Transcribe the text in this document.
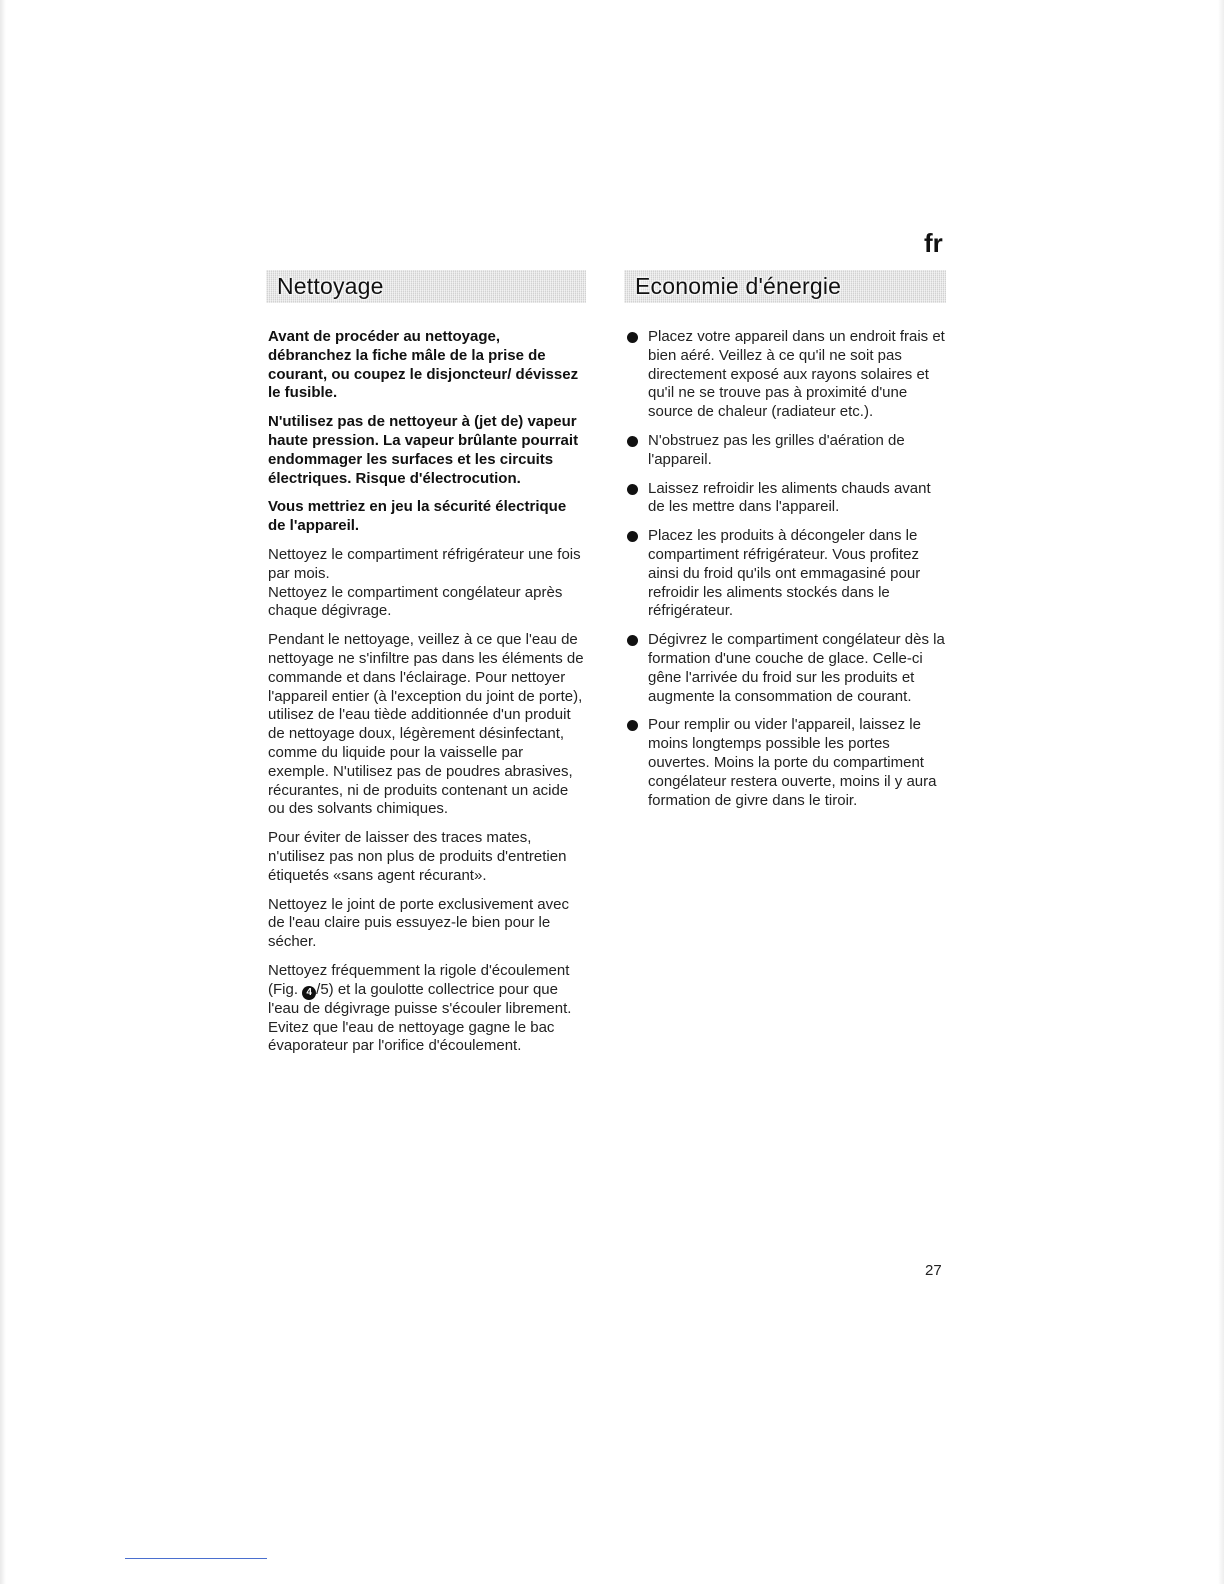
fr
Nettoyage

Avant de procéder au nettoyage, débranchez la fiche mâle de la prise de courant, ou coupez le disjoncteur/ dévissez le fusible.

N'utilisez pas de nettoyeur à (jet de) vapeur haute pression. La vapeur brûlante pourrait endommager les surfaces et les circuits électriques. Risque d'électrocution.

Vous mettriez en jeu la sécurité électrique de l'appareil.

Nettoyez le compartiment réfrigérateur une fois par mois.
Nettoyez le compartiment congélateur après chaque dégivrage.

Pendant le nettoyage, veillez à ce que l'eau de nettoyage ne s'infiltre pas dans les éléments de commande et dans l'éclairage. Pour nettoyer l'appareil entier (à l'exception du joint de porte), utilisez de l'eau tiède additionnée d'un produit de nettoyage doux, légèrement désinfectant, comme du liquide pour la vaisselle par exemple. N'utilisez pas de poudres abrasives, récurantes, ni de produits contenant un acide ou des solvants chimiques.

Pour éviter de laisser des traces mates, n'utilisez pas non plus de produits d'entretien étiquetés «sans agent récurant».

Nettoyez le joint de porte exclusivement avec de l'eau claire puis essuyez-le bien pour le sécher.

Nettoyez fréquemment la rigole d'écoulement (Fig. 4 /5) et la goulotte collectrice pour que l'eau de dégivrage puisse s'écouler librement. Evitez que l'eau de nettoyage gagne le bac évaporateur par l'orifice d'écoulement.

Economie d'énergie
Placez votre appareil dans un endroit frais et bien aéré. Veillez à ce qu'il ne soit pas directement exposé aux rayons solaires et qu'il ne se trouve pas à proximité d'une source de chaleur (radiateur etc.).
N'obstruez pas les grilles d'aération de l'appareil.
Laissez refroidir les aliments chauds avant de les mettre dans l'appareil.
Placez les produits à décongeler dans le compartiment réfrigérateur. Vous profitez ainsi du froid qu'ils ont emmagasiné pour refroidir les aliments stockés dans le réfrigérateur.
Dégivrez le compartiment congélateur dès la formation d'une couche de glace. Celle-ci gêne l'arrivée du froid sur les produits et augmente la consommation de courant.
Pour remplir ou vider l'appareil, laissez le moins longtemps possible les portes ouvertes. Moins la porte du compartiment congélateur restera ouverte, moins il y aura formation de givre dans le tiroir.
27
